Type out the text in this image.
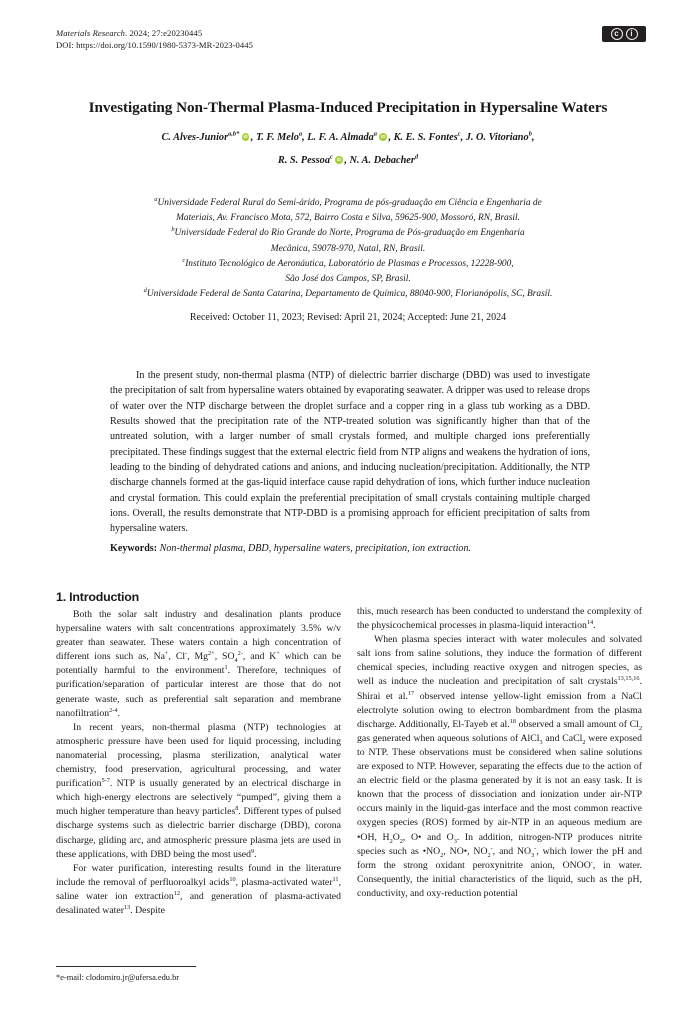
Materials Research. 2024; 27:e20230445
DOI: https://doi.org/10.1590/1980-5373-MR-2023-0445
c	i
Investigating Non-Thermal Plasma-Induced Precipitation in Hypersaline Waters
C. Alves-Junior$^{a,b*}$ iD , T. F. Melo$^a$, L. F. A. Almada$^a$ iD , K. E. S. Fontes$^c$, J. O. Vitoriano$^b$,
R. S. Pessoa$^c$ iD , N. A. Debacher$^d$
$^a$Universidade Federal Rural do Semi-árido, Programa de pós-graduação em Ciência e Engenharia de
Materiais, Av. Francisco Mota, 572, Bairro Costa e Silva, 59625-900, Mossoró, RN, Brasil.
$^b$Universidade Federal do Rio Grande do Norte, Programa de Pós-graduação em Engenharia
Mecânica, 59078-970, Natal, RN, Brasil.
$^c$Instituto Tecnológico de Aeronáutica, Laboratório de Plasmas e Processos, 12228-900,
São José dos Campos, SP, Brasil.
$^d$Universidade Federal de Santa Catarina, Departamento de Química, 88040-900, Florianópolis, SC, Brasil.
Received: October 11, 2023; Revised: April 21, 2024; Accepted: June 21, 2024

In the present study, non-thermal plasma (NTP) of dielectric barrier discharge (DBD) was used to investigate the precipitation of salt from hypersaline waters obtained by evaporating seawater. A dripper was used to release drops of water over the NTP discharge between the droplet surface and a copper ring in a glass tub working as a DBD. Results showed that the precipitation rate of the NTP-treated solution was significantly higher than that of the untreated solution, with a larger number of small crystals formed, and multiple charged ions preferentially precipitated. These findings suggest that the external electric field from NTP aligns and weakens the hydration of ions, leading to the binding of dehydrated cations and anions, and inducing nucleation/precipitation. Additionally, the NTP discharge channels formed at the gas-liquid interface cause rapid dehydration of ions, which further induce nucleation and crystal formation. This could explain the preferential precipitation of small crystals containing multiple charged ions. Overall, the results demonstrate that NTP-DBD is a promising approach for efficient precipitation of salts from hypersaline waters.

Keywords: Non-thermal plasma, DBD, hypersaline waters, precipitation, ion extraction.
1. Introduction

Both the solar salt industry and desalination plants produce hypersaline waters with salt concentrations approximately 3.5% w/v greater than seawater. These waters contain a high concentration of different ions such as, Na+, Cl-, $Mg^{2+}$, $SO_4^{2-}$, and K+ which can be potentially harmful to the environment$^1$. Therefore, techniques of purification/separation of particular interest are those that do not generate waste, such as preferential salt separation and membrane nanofiltration$^{2-4}$.

In recent years, non-thermal plasma (NTP) technologies at atmospheric pressure have been used for liquid processing, including nanomaterial processing, plasma sterilization, analytical water chemistry, food preservation, agricultural processing, and water purification$^{5-7}$. NTP is usually generated by an electrical discharge in which high-energy electrons are selectively “pumped”, giving them a much higher temperature than heavy particles$^8$. Different types of pulsed discharge systems such as dielectric barrier discharge (DBD), corona discharge, gliding arc, and atmospheric pressure plasma jets are used in these applications, with DBD being the most used$^9$.

For water purification, interesting results found in the literature include the removal of perfluoroalkyl acids$^{10}$, plasma-activated water$^{11}$, saline water ion extraction$^{12}$, and generation of plasma-activated desalinated water$^{13}$. Despite

this, much research has been conducted to understand the complexity of the physicochemical processes in plasma-liquid interaction$^{14}$.

When plasma species interact with water molecules and solvated salt ions from saline solutions, they induce the formation of different chemical species, including reactive oxygen and nitrogen species, as well as induce the nucleation and precipitation of salt crystals$^{13,15,16}$. Shirai et al.$^{17}$ observed intense yellow-light emission from a NaCl electrolyte solution owing to electron bombardment from the plasma discharge. Additionally, El-Tayeb et al.$^{18}$ observed a small amount of $Cl_2$ gas generated when aqueous solutions of AlCl$_3$ and CaCl$_2$ were exposed to NTP. These observations must be considered when saline solutions are exposed to NTP. However, separating the effects due to the action of an electric field or the plasma generated by it is not an easy task. It is known that the process of dissociation and ionization under air-NTP occurs mainly in the liquid-gas interface and the most common reactive oxygen species (ROS) formed by air-NTP in an aqueous medium are •OH, $H_2O_2$, O• and $O_3$. In addition, nitrogen-NTP produces nitrite species such as $•NO_2$, NO•, $NO_2^-$, and $NO_3^-$, which lower the pH and form the strong oxidant peroxynitrite anion, ONOO-, in water. Consequently, the initial characteristics of the liquid, such as the pH, conductivity, and oxy-reduction potential

*e-mail: clodomiro.jr@ufersa.edu.br
